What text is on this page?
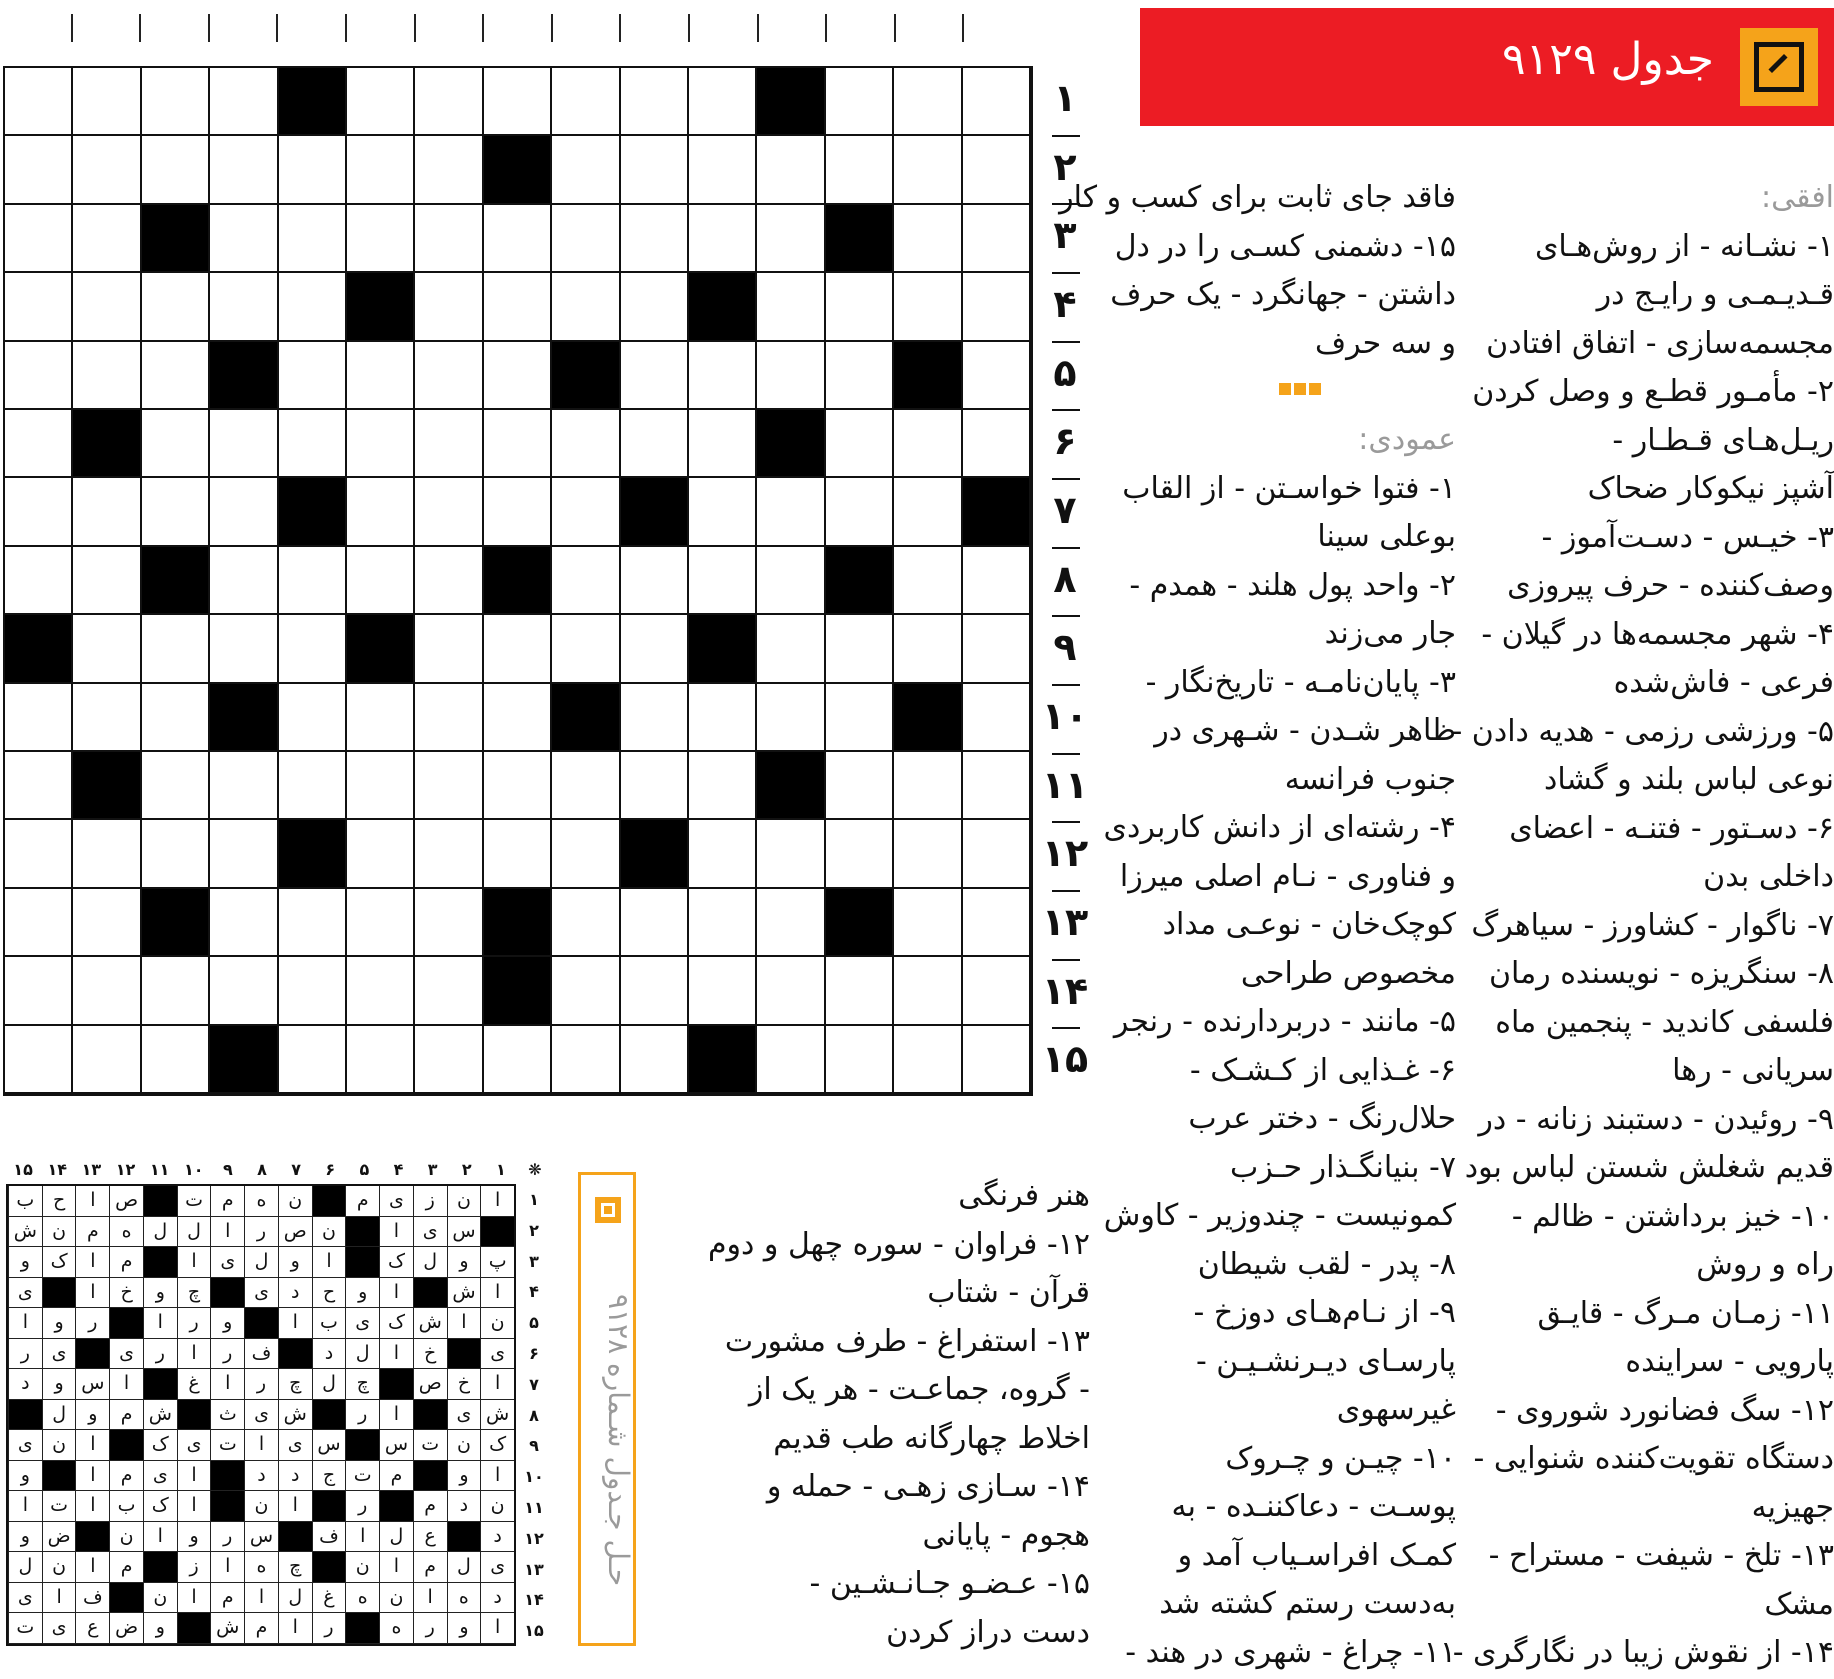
۱
۲
۳
۴
۵
۶
۷
۸
۹
۱۰
۱۱
۱۲
۱۳
۱۴
۱۵
جدول ۹۱۲۹
افقی:
۱- نشـانه - از روش‌هـای
قـدیـمـی و رایـج در
مجسمه‌سازی - اتفاق افتادن
۲- مأمـور قطـع و وصل کردن
ریـل‌هـای قـطـار -
آشپز نیکوکار ضحاک
۳- خیـس - دسـت‌آموز -
وصف‌کننده - حرف پیروزی
۴- شهر مجسمه‌ها در گیلان -
فرعی - فاش‌شده
۵- ورزشی رزمی - هدیه دادن -
نوعی لباس بلند و گشاد
۶- دسـتور - فتنـه - اعضای
داخلی بدن
۷- ناگوار - کشاورز - سیاهرگ
۸- سنگریزه - نویسنده رمان
فلسفی کاندید - پنجمین ماه
سریانی - رها
۹- روئیدن - دستبند زنانه - در
قدیم شغلش شستن لباس بود
۱۰- خیز برداشتن - ظالم -
راه و روش
۱۱- زمـان مـرگ - قایـق
پارویی - سراینده
۱۲- سگ فضانورد شوروی -
دستگاه تقویت‌کننده شنوایی -
جهیزیه
۱۳- تلخ - شیفت - مستراح -
مشک
۱۴- از نقوش زیبا در نگارگری -
فاقد جای ثابت برای کسب و کار
۱۵- دشمنی کسـی را در دل
داشتن - جهانگرد - یک حرف
و سه حرف
عمودی:
۱- فتوا خواسـتن - از القاب
بوعلی سینا
۲- واحد پول هلند - همدم -
جار می‌زند
۳- پایان‌نامـه - تاریخ‌نگار -
ظاهر شـدن - شـهری در
جنوب فرانسه
۴- رشته‌ای از دانش کاربردی
و فناوری - نـام اصلی میرزا
کوچک‌خان - نوعـی مداد
مخصوص طراحی
۵- مانند - دربردارنده - رنجر
۶- غـذایی از کـشـک -
حلال‌رنگ - دختر عرب
۷- بنیانگـذار حـزب
کمونیست - چندوزیر - کاوش
۸- پدر - لقب شیطان
۹- از نـام‌هـای دوزخ -
پارسـای دیـرنشـیـن -
غیرسهوی
۱۰- چیـن و چـروک
پوسـت - دعاکننـده - به
کمـک افراسـیاب آمد و
به‌دست رستم کشته شد
۱۱- چراغ - شهری در هند -
هنر فرنگی
۱۲- فراوان - سوره چهل و دوم
قرآن - شتاب
۱۳- استفراغ - طرف مشورت
- گروه، جماعـت - هر یک از
اخلاط چهارگانه طب قدیم
۱۴- سـازی زهـی - حمله و
هجوم - پایانی
۱۵- عـضـو جـانـشـین -
دست دراز کردن
حـل جـدول شـماره ۹۱۲۸
❋
۱
۲
۳
۴
۵
۶
۷
۸
۹
۱۰
۱۱
۱۲
۱۳
۱۴
۱۵
ا
ن
ز
ی
م
ن
ه
م
ت
ص
ا
ح
ب
س
ی
ا
ن
ص
ر
ا
ل
ل
ه
م
ن
ش
پ
و
ل
ک
ا
و
ل
ی
ا
م
ا
ک
و
ا
ش
ا
و
ح
د
ی
چ
و
خ
ا
ی
ن
ا
ش
ک
ی
ب
ا
و
ر
ا
ر
و
ا
ی
خ
ا
ل
د
ف
ر
ا
ر
ی
ی
ر
ا
خ
ص
چ
ل
چ
ر
ا
غ
ا
س
و
د
ش
ی
ا
ر
ش
ی
ث
ش
م
و
ل
ک
ن
ت
س
س
ی
ا
ت
ی
ک
ا
ن
ی
ا
و
م
ت
ج
د
د
ا
ی
م
ا
و
ن
د
م
ر
ا
ن
ا
ک
ب
ا
ت
ا
د
ع
ل
ا
ف
س
ر
و
ا
ن
ض
و
ی
ل
م
ا
ن
چ
ه
ا
ز
م
ا
ن
ل
د
ه
ا
ن
ه
غ
ل
ا
م
ا
ن
ف
ا
ی
ا
و
ر
ه
ر
ا
م
ش
و
ض
ع
ی
ت
۱
۲
۳
۴
۵
۶
۷
۸
۹
۱۰
۱۱
۱۲
۱۳
۱۴
۱۵
